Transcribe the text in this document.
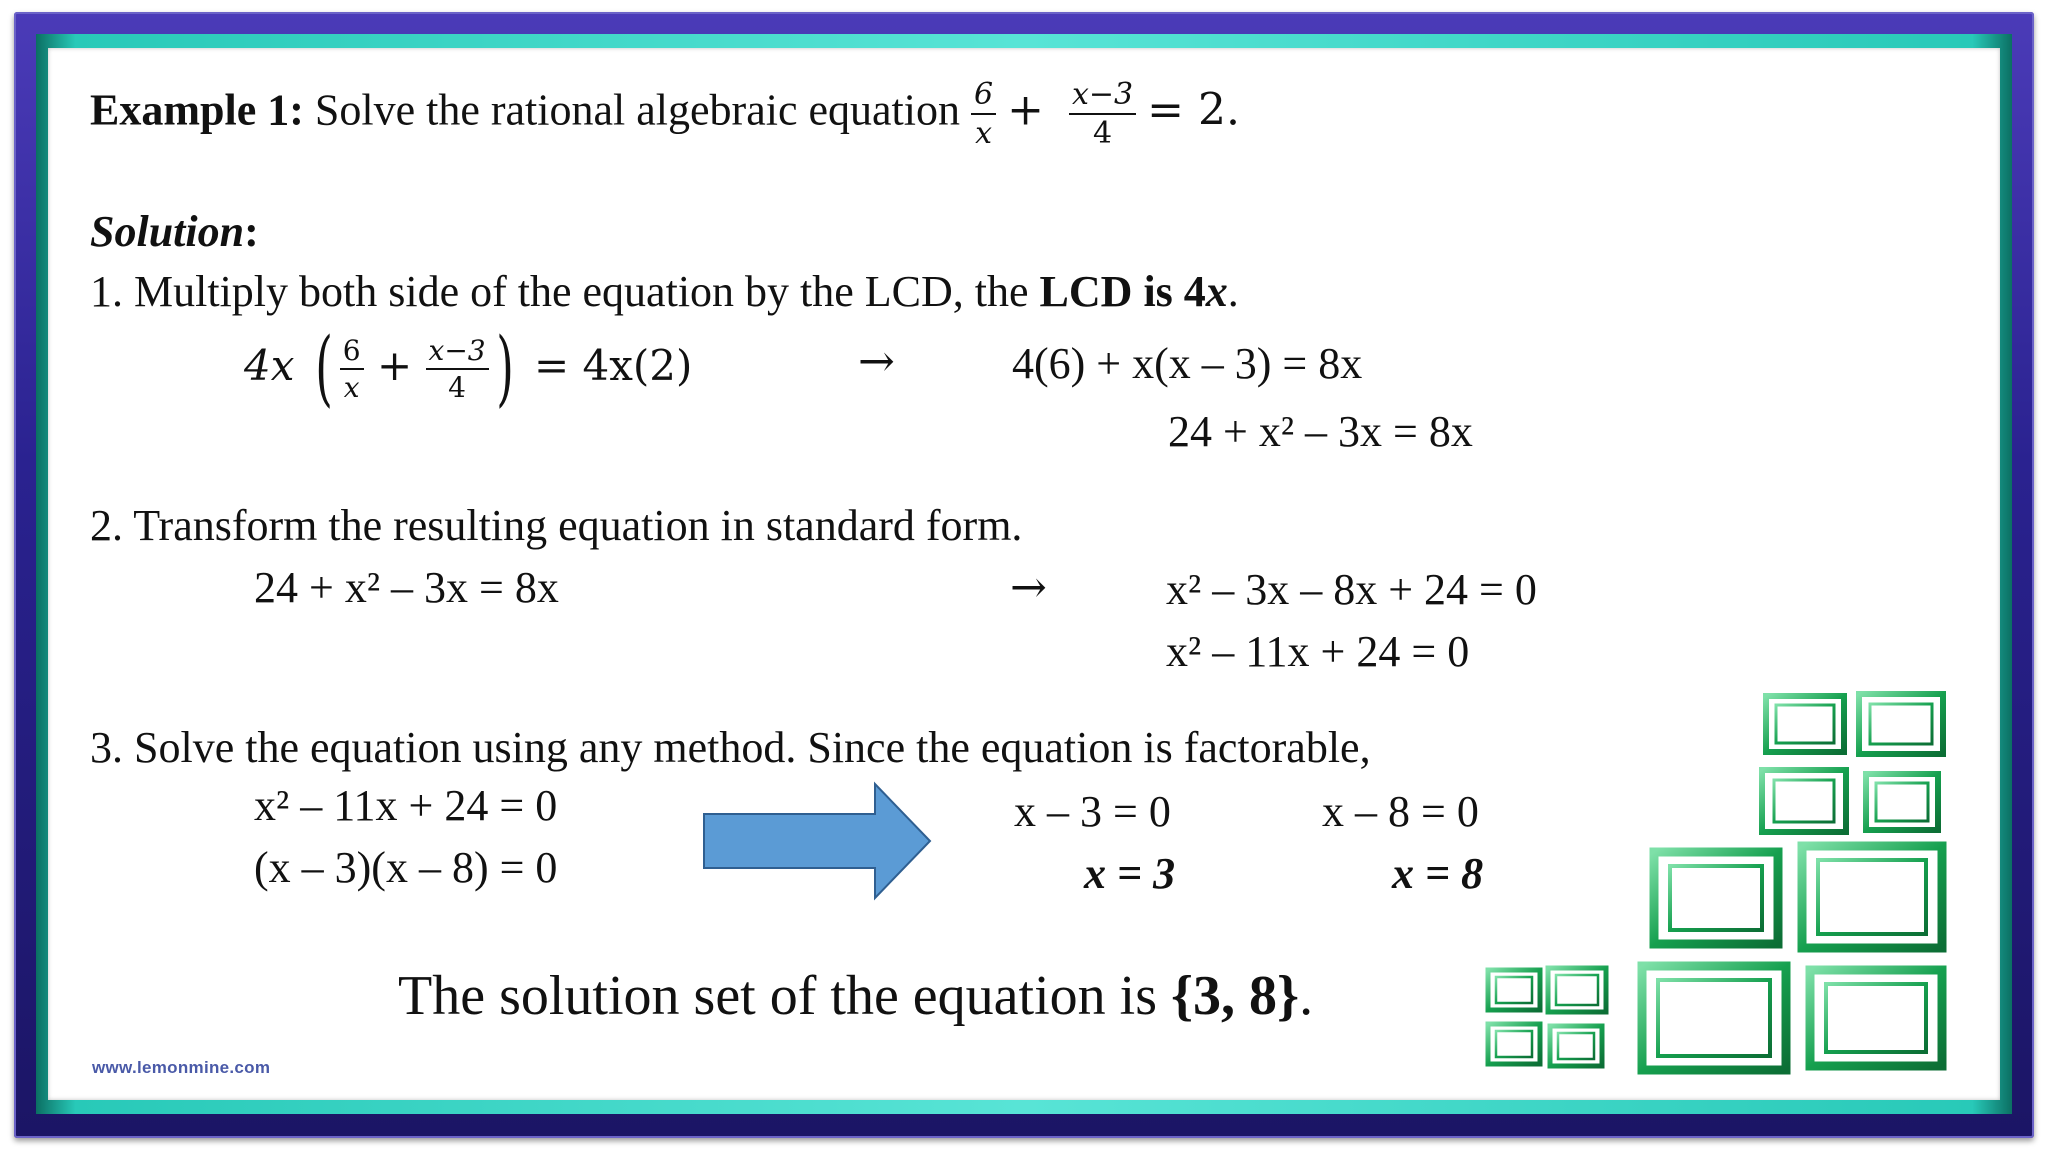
Example 1: Solve the rational algebraic equation $\frac{6}{x} + \frac{x-3}{4} = 2$.
Solution:
1. Multiply both side of the equation by the LCD, the LCD is 4x.
4x ( $\frac{6}{x} + \frac{x-3}{4}$ ) = 4x(2)	→	4(6) + x(x – 3) = 8x
24 + x² – 3x = 8x
2. Transform the resulting equation in standard form.
24 + x² – 3x = 8x	→	x² – 3x – 8x + 24 = 0
x² – 11x + 24 = 0
3. Solve the equation using any method. Since the equation is factorable,
x² – 11x + 24 = 0
(x – 3)(x – 8) = 0
x – 3 = 0	x – 8 = 0
x = 3	x = 8
The solution set of the equation is {3, 8}.
www.lemonmine.com
